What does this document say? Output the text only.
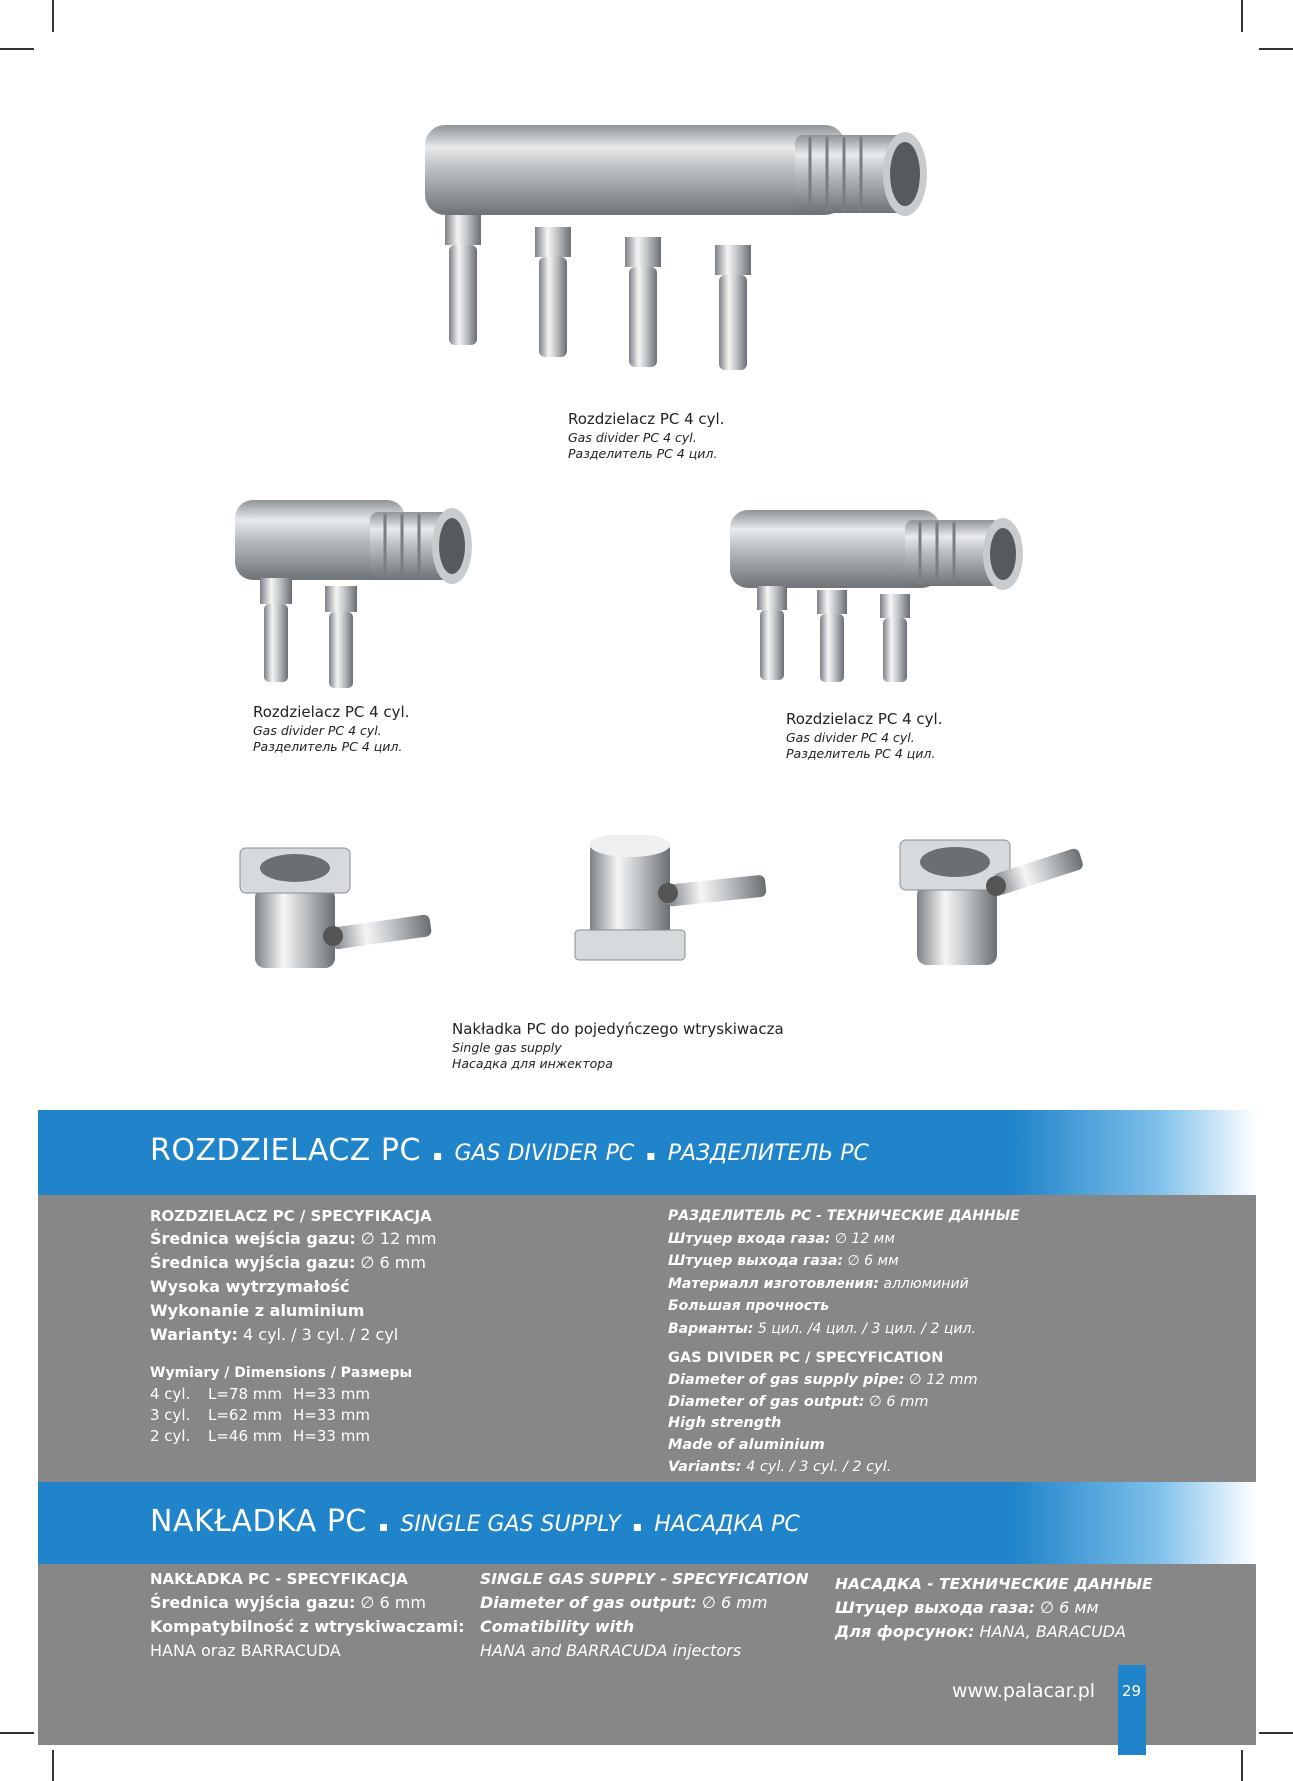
Rozdzielacz PC 4 cyl.
Gas divider PC 4 cyl.
Разделитель PC 4 цил.
Rozdzielacz PC 4 cyl.
Gas divider PC 4 cyl.
Разделитель PC 4 цил.
Rozdzielacz PC 4 cyl.
Gas divider PC 4 cyl.
Разделитель PC 4 цил.
Nakładka PC do pojedyńczego wtryskiwacza
Single gas supply
Насадка для инжектора
ROZDZIELACZ PC ▪ GAS DIVIDER PC ▪ РАЗДЕЛИТЕЛЬ PC
ROZDZIELACZ PC / SPECYFIKACJA
Średnica wejścia gazu: ∅ 12 mm
Średnica wyjścia gazu: ∅ 6 mm
Wysoka wytrzymałość
Wykonanie z aluminium
Warianty: 4 cyl. / 3 cyl. / 2 cyl
Wymiary / Dimensions / Размеры
4 cyl. L=78 mm H=33 mm
3 cyl. L=62 mm H=33 mm
2 cyl. L=46 mm H=33 mm
РАЗДЕЛИТЕЛЬ PC - ТЕХНИЧЕСКИЕ ДАННЫЕ
Штуцер входа газа: ∅ 12 мм
Штуцер выхода газа: ∅ 6 мм
Материалл изготовления: аллюминий
Большая прочность
Варианты: 5 цил. /4 цил. / 3 цил. / 2 цил.
GAS DIVIDER PC / SPECYFICATION
Diameter of gas supply pipe: ∅ 12 mm
Diameter of gas output: ∅ 6 mm
High strength
Made of aluminium
Variants: 4 cyl. / 3 cyl. / 2 cyl.
NAKŁADKA PC ▪ SINGLE GAS SUPPLY ▪ НАСАДКА PC
NAKŁADKA PC - SPECYFIKACJA
Średnica wyjścia gazu: ∅ 6 mm
Kompatybilność z wtryskiwaczami:
HANA oraz BARRACUDA
SINGLE GAS SUPPLY - SPECYFICATION
Diameter of gas output: ∅ 6 mm
Comatibility with
HANA and BARRACUDA injectors
НАСАДКА - ТЕХНИЧЕСКИЕ ДАННЫЕ
Штуцер выхода газа: ∅ 6 мм
Для форсунок: HANA, BARACUDA
www.palacar.pl 29
